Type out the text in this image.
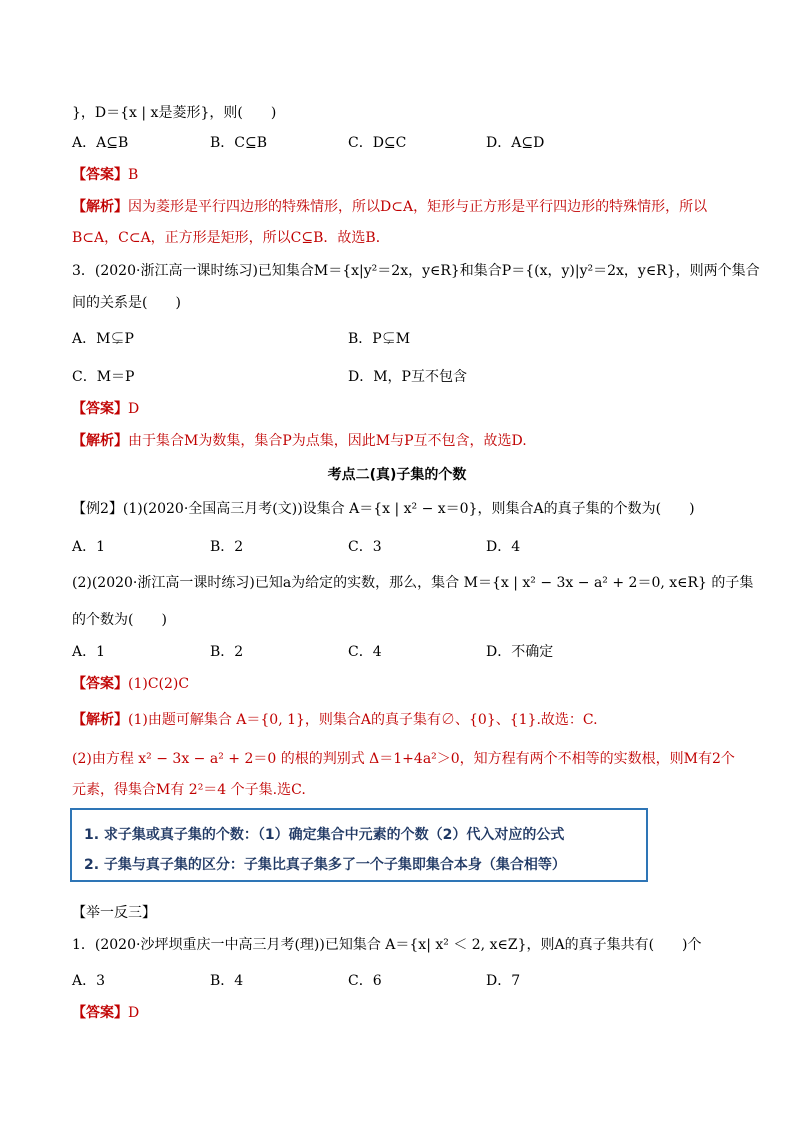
}，D＝{x | x是菱形}，则(　　)
A．A⊆B	B．C⊆B	C．D⊆C	D．A⊆D
【答案】B
【解析】因为菱形是平行四边形的特殊情形，所以D⊂A，矩形与正方形是平行四边形的特殊情形，所以
B⊂A，C⊂A，正方形是矩形，所以C⊆B．故选B．
3．(2020·浙江高一课时练习)已知集合M＝{x|y²＝2x，y∈R}和集合P＝{(x，y)|y²＝2x，y∈R}，则两个集合
间的关系是(　　)
A．M⊊P	B．P⊊M
C．M＝P	D．M，P互不包含
【答案】D
【解析】由于集合M为数集，集合P为点集，因此M与P互不包含，故选D.
考点二(真)子集的个数
【例2】(1)(2020·全国高三月考(文))设集合 A＝{x | x² − x＝0}，则集合A的真子集的个数为(　　)
A．1	B．2	C．3	D．4
(2)(2020·浙江高一课时练习)已知a为给定的实数，那么，集合 M＝{x | x² − 3x − a² + 2＝0, x∈R} 的子集
的个数为(　　)
A．1	B．2	C．4	D．不确定
【答案】(1)C(2)C
【解析】(1)由题可解集合 A＝{0, 1}，则集合A的真子集有∅、{0}、{1}.故选：C.
(2)由方程 x² − 3x − a² + 2＝0 的根的判别式 Δ＝1+4a²＞0，知方程有两个不相等的实数根，则M有2个
元素，得集合M有 2²＝4 个子集.选C.
1. 求子集或真子集的个数：（1）确定集合中元素的个数（2）代入对应的公式
2. 子集与真子集的区分：子集比真子集多了一个子集即集合本身（集合相等）
【举一反三】
1．(2020·沙坪坝重庆一中高三月考(理))已知集合 A＝{x| x² ＜ 2, x∈Z}，则A的真子集共有(　　)个
A．3	B．4	C．6	D．7
【答案】D
